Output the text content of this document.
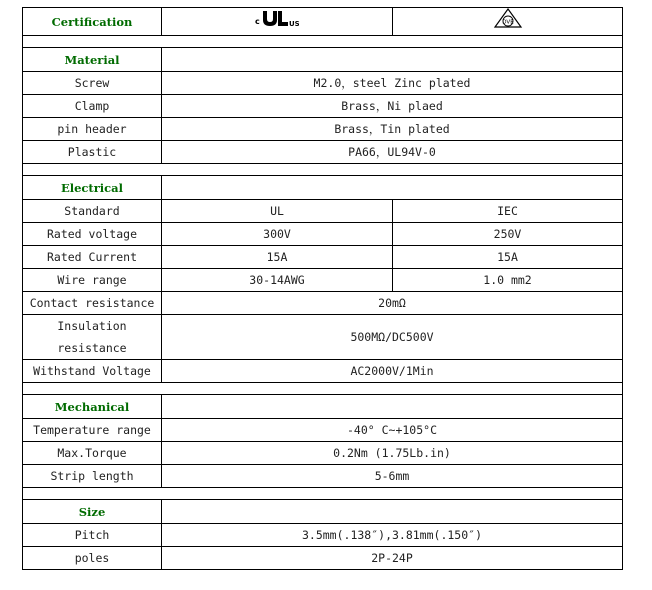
Certification	c US	DVE

Material		
Screw	M2.0，steel Zinc plated	
Clamp	Brass，Ni plaed	
pin header	Brass，Tin plated	
Plastic	PA66，UL94V-0	

Electrical		
Standard	UL	IEC
Rated voltage	300V	250V
Rated Current	15A	15A
Wire range	30-14AWG	1.0 mm2
Contact resistance	20mΩ	
Insulation
resistance	500MΩ/DC500V	
Withstand Voltage	AC2000V/1Min	

Mechanical		
Temperature range	-40° C~+105°C	
Max.Torque	0.2Nm (1.75Lb.in)	
Strip length	5-6mm	

Size		
Pitch	3.5mm(.138″),3.81mm(.150″)	
poles	2P-24P	
